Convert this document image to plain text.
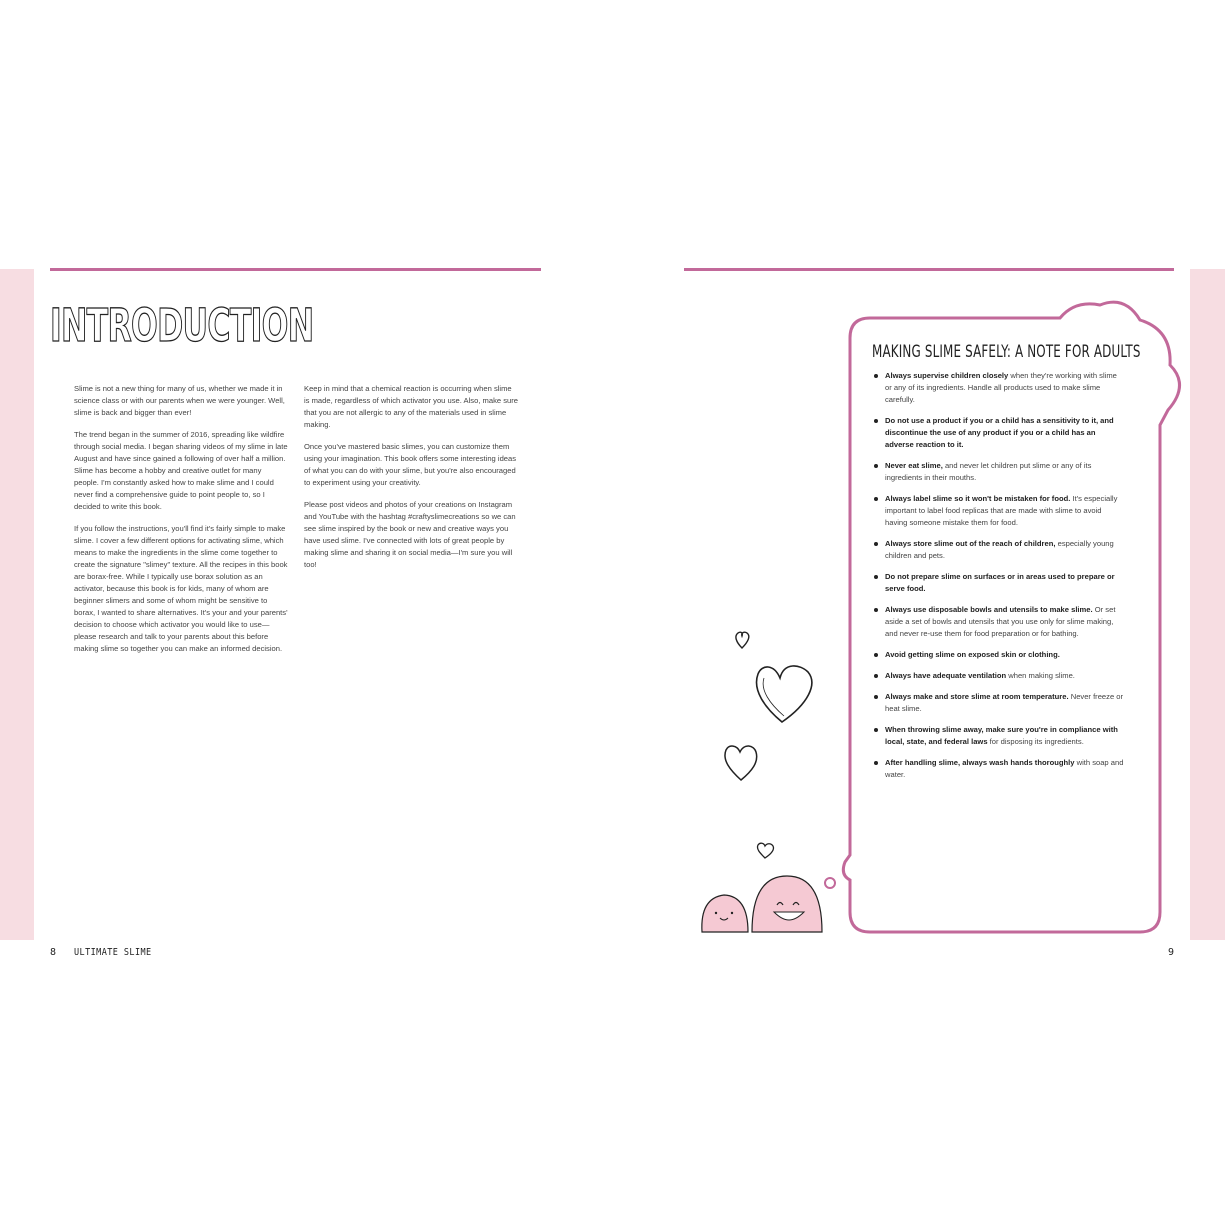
INTRODUCTION

Slime is not a new thing for many of us, whether we made it in science class or with our parents when we were younger. Well, slime is back and bigger than ever!

The trend began in the summer of 2016, spreading like wildfire through social media. I began sharing videos of my slime in late August and have since gained a following of over half a million. Slime has become a hobby and creative outlet for many people. I'm constantly asked how to make slime and I could never find a comprehensive guide to point people to, so I decided to write this book.

If you follow the instructions, you'll find it's fairly simple to make slime. I cover a few different options for activating slime, which means to make the ingredients in the slime come together to create the signature "slimey" texture. All the recipes in this book are borax-free. While I typically use borax solution as an activator, because this book is for kids, many of whom are beginner slimers and some of whom might be sensitive to borax, I wanted to share alternatives. It's your and your parents' decision to choose which activator you would like to use—please research and talk to your parents about this before making slime so together you can make an informed decision.

Keep in mind that a chemical reaction is occurring when slime is made, regardless of which activator you use. Also, make sure that you are not allergic to any of the materials used in slime making.

Once you've mastered basic slimes, you can customize them using your imagination. This book offers some interesting ideas of what you can do with your slime, but you're also encouraged to experiment using your creativity.

Please post videos and photos of your creations on Instagram and YouTube with the hashtag #craftyslimecreations so we can see slime inspired by the book or new and creative ways you have used slime. I've connected with lots of great people by making slime and sharing it on social media—I'm sure you will too!

8 ULTIMATE SLIME	9
MAKING SLIME SAFELY: A NOTE FOR ADULTS
Always supervise children closely when they're working with slime or any of its ingredients. Handle all products used to make slime carefully.
Do not use a product if you or a child has a sensitivity to it, and discontinue the use of any product if you or a child has an adverse reaction to it.
Never eat slime, and never let children put slime or any of its ingredients in their mouths.
Always label slime so it won't be mistaken for food. It's especially important to label food replicas that are made with slime to avoid having someone mistake them for food.
Always store slime out of the reach of children, especially young children and pets.
Do not prepare slime on surfaces or in areas used to prepare or serve food.
Always use disposable bowls and utensils to make slime. Or set aside a set of bowls and utensils that you use only for slime making, and never re-use them for food preparation or for bathing.
Avoid getting slime on exposed skin or clothing.
Always have adequate ventilation when making slime.
Always make and store slime at room temperature. Never freeze or heat slime.
When throwing slime away, make sure you're in compliance with local, state, and federal laws for disposing its ingredients.
After handling slime, always wash hands thoroughly with soap and water.
